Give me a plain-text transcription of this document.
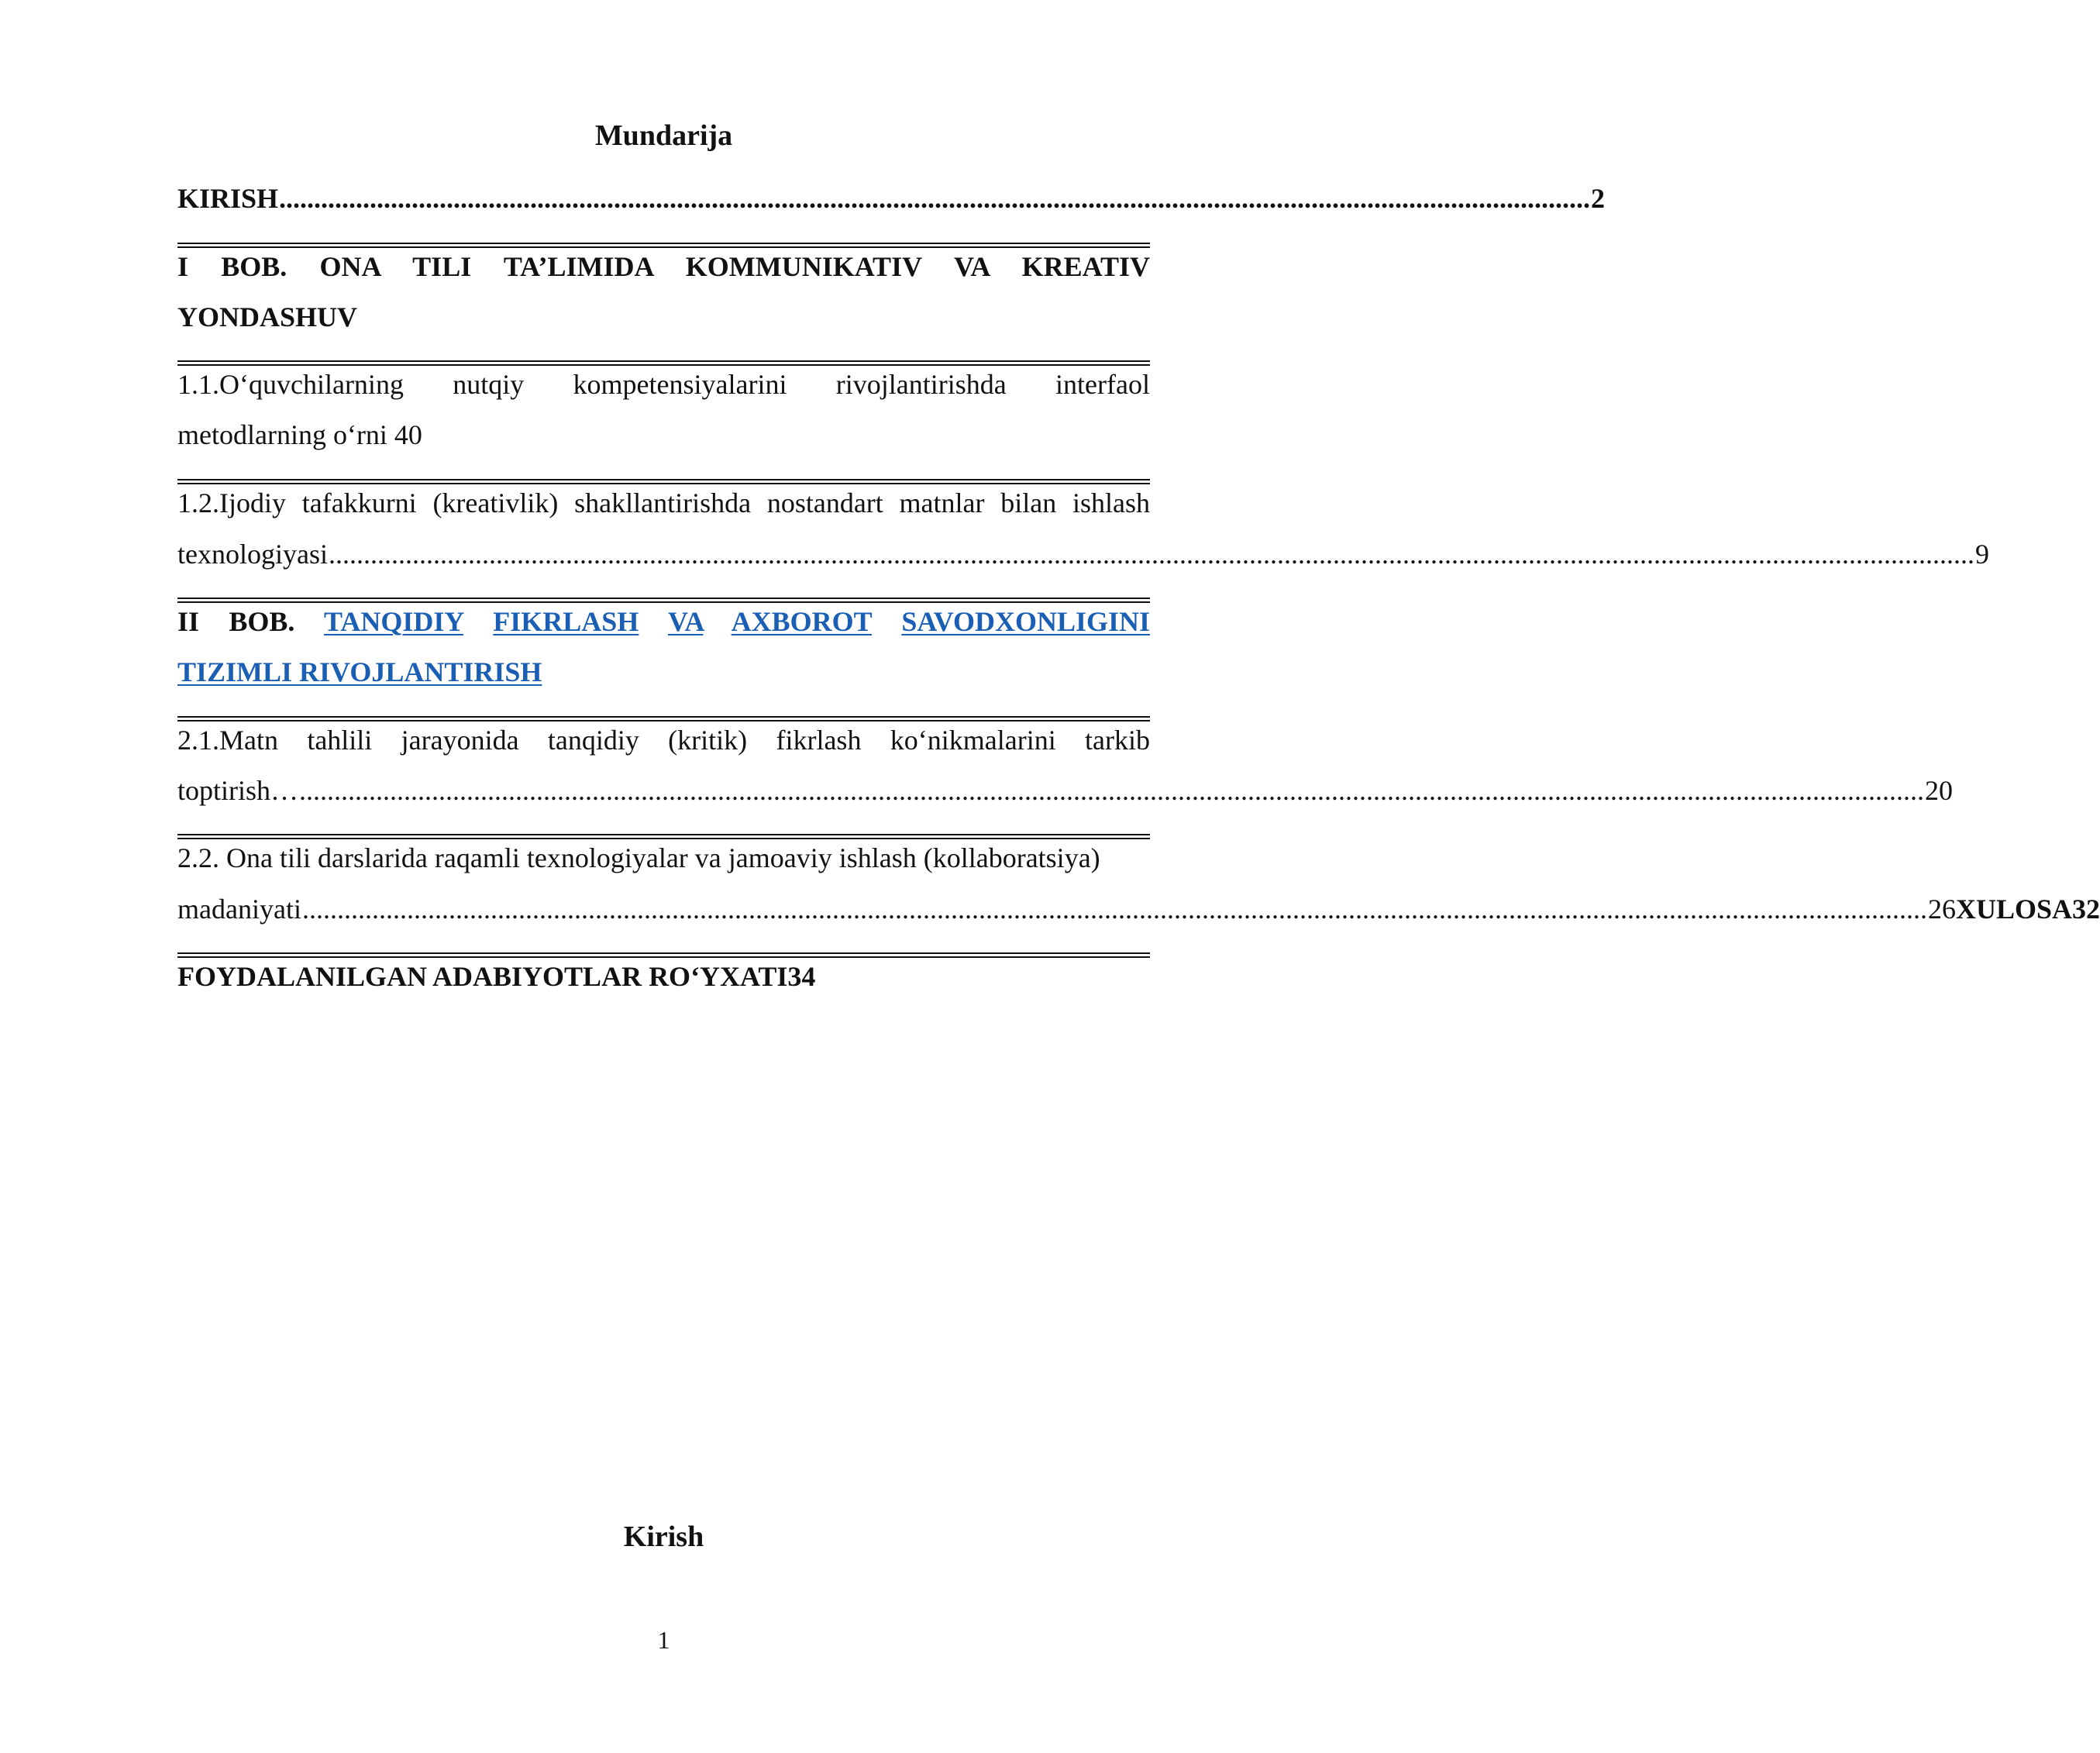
Mundarija
KIRISH ............................................................................................................................................................................................ 2
I BOB. ONA TILI TA’LIMIDA KOMMUNIKATIV VA KREATIV
YONDASHUV
1.1.O‘quvchilarning nutqiy kompetensiyalarini rivojlantirishda interfaol
metodlarning o‘rni 40
1.2.Ijodiy tafakkurni (kreativlik) shakllantirishda nostandart matnlar bilan ishlash
texnologiyasi ............................................................................................................................................................................................................................................ 9
II BOB. TANQIDIY FIKRLASH VA AXBOROT SAVODXONLIGINI
TIZIMLI RIVOJLANTIRISH
2.1.Matn tahlili jarayonida tanqidiy (kritik) fikrlash ko‘nikmalarini tarkib
toptirish… ......................................................................................................................................................................................................................................... 20
2.2. Ona tili darslarida raqamli texnologiyalar va jamoaviy ishlash (kollaboratsiya)
madaniyati ......................................................................................................................................................................................................................................... 26 XULOSA32
FOYDALANILGAN ADABIYOTLAR RO‘YXATI34
Kirish
1
